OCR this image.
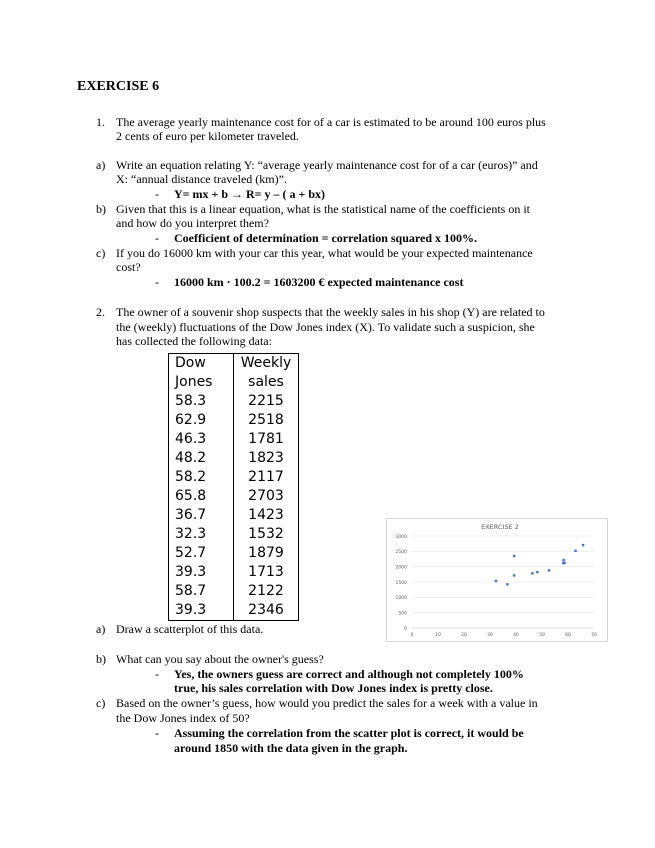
EXERCISE 6
1. The average yearly maintenance cost for of a car is estimated to be around 100 euros plus
2 cents of euro per kilometer traveled.
a) Write an equation relating Y: “average yearly maintenance cost for of a car (euros)” and
X: “annual distance traveled (km)”.
- Y= mx + b → R= y – ( a + bx)
b) Given that this is a linear equation, what is the statistical name of the coefficients on it
and how do you interpret them?
- Coefficient of determination = correlation squared x 100%.
c) If you do 16000 km with your car this year, what would be your expected maintenance
cost?
- 16000 km · 100.2 = 1603200 € expected maintenance cost
2. The owner of a souvenir shop suspects that the weekly sales in his shop (Y) are related to
the (weekly) fluctuations of the Dow Jones index (X). To validate such a suspicion, she
has collected the following data:
Dow	Weekly
Jones	sales
58.3	2215
62.9	2518
46.3	1781
48.2	1823
58.2	2117
65.8	2703
36.7	1423
32.3	1532
52.7	1879
39.3	1713
58.7	2122
39.3	2346
EXERCISE 2
0
500
1000
1500
2000
2500
3000
0	10	20	30	40	50	60	70
a) Draw a scatterplot of this data.
b) What can you say about the owner's guess?
- Yes, the owners guess are correct and although not completely 100%
true, his sales correlation with Dow Jones index is pretty close.
c) Based on the owner’s guess, how would you predict the sales for a week with a value in
the Dow Jones index of 50?
- Assuming the correlation from the scatter plot is correct, it would be
around 1850 with the data given in the graph.
